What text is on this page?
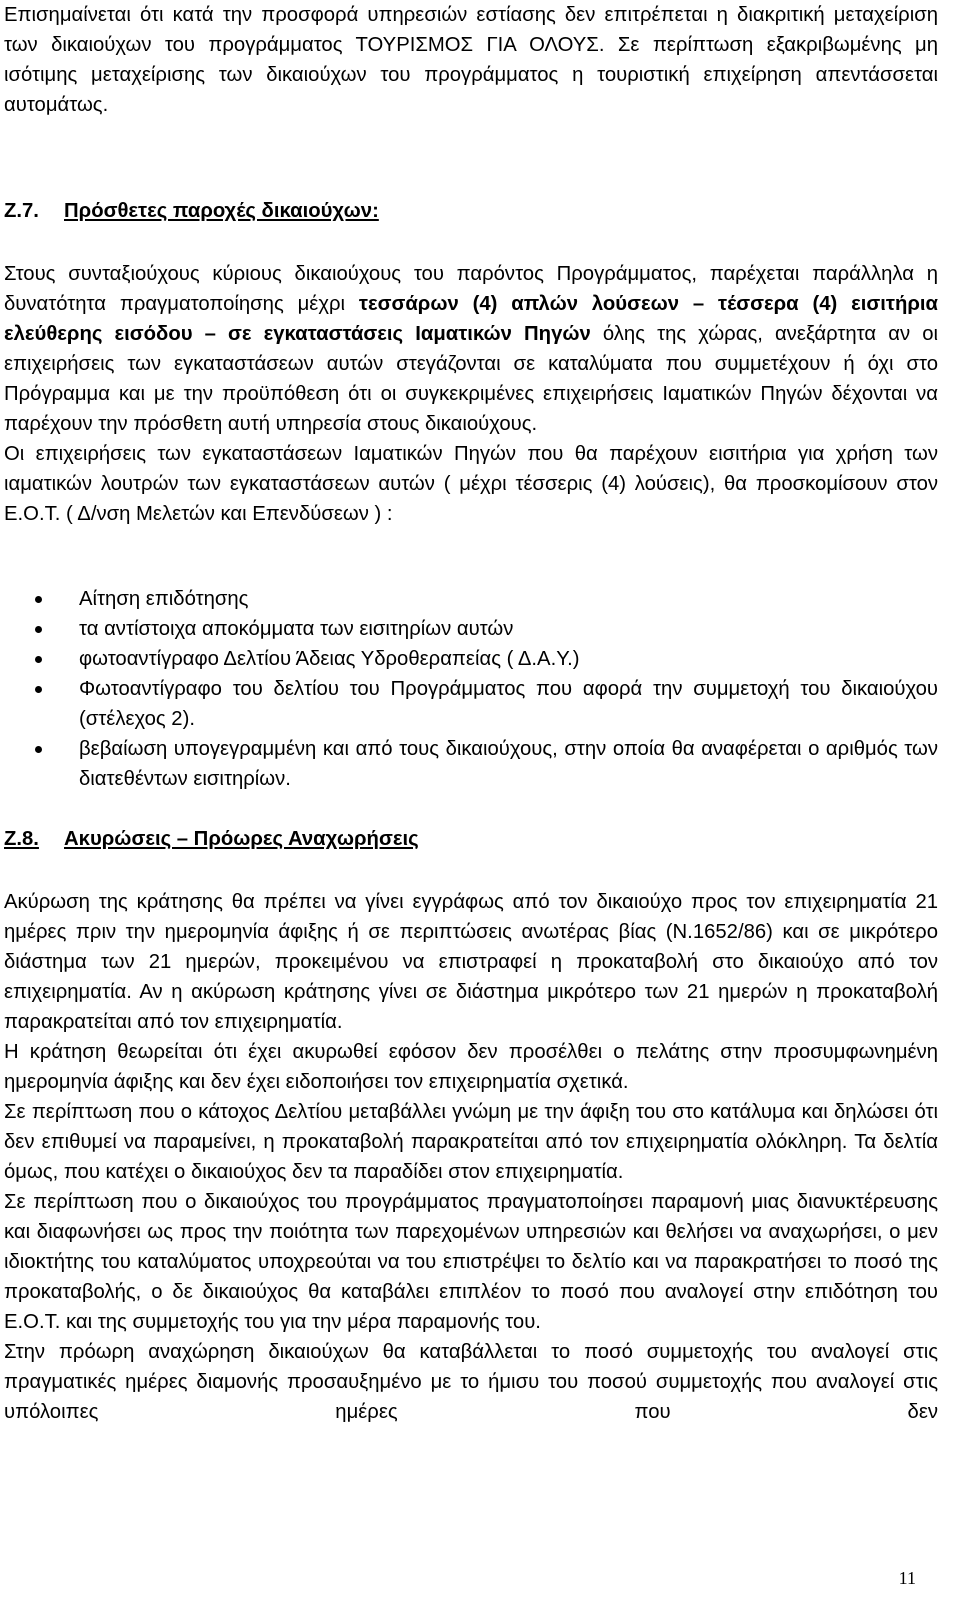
Επισημαίνεται ότι κατά την προσφορά υπηρεσιών εστίασης δεν επιτρέπεται η διακριτική μεταχείριση των δικαιούχων του προγράμματος ΤΟΥΡΙΣΜΟΣ ΓΙΑ ΟΛΟΥΣ. Σε περίπτωση εξακριβωμένης μη ισότιμης μεταχείρισης των δικαιούχων του προγράμματος η τουριστική επιχείρηση απεντάσσεται αυτομάτως.

Ζ.7. Πρόσθετες παροχές δικαιούχων:

Στους συνταξιούχους κύριους δικαιούχους του παρόντος Προγράμματος, παρέχεται παράλληλα η δυνατότητα πραγματοποίησης μέχρι τεσσάρων (4) απλών λούσεων – τέσσερα (4) εισιτήρια ελεύθερης εισόδου – σε εγκαταστάσεις Ιαματικών Πηγών όλης της χώρας, ανεξάρτητα αν οι επιχειρήσεις των εγκαταστάσεων αυτών στεγάζονται σε καταλύματα που συμμετέχουν ή όχι στο Πρόγραμμα και με την προϋπόθεση ότι οι συγκεκριμένες επιχειρήσεις Ιαματικών Πηγών δέχονται να παρέχουν την πρόσθετη αυτή υπηρεσία στους δικαιούχους.

Οι επιχειρήσεις των εγκαταστάσεων Ιαματικών Πηγών που θα παρέχουν εισιτήρια για χρήση των ιαματικών λουτρών των εγκαταστάσεων αυτών ( μέχρι τέσσερις (4) λούσεις), θα προσκομίσουν στον Ε.Ο.Τ. ( Δ/νση Μελετών και Επενδύσεων ) :

Αίτηση επιδότησης
τα αντίστοιχα αποκόμματα των εισιτηρίων αυτών
φωτοαντίγραφο Δελτίου Άδειας Υδροθεραπείας ( Δ.Α.Υ.)
Φωτοαντίγραφο του δελτίου του Προγράμματος που αφορά την συμμετοχή του δικαιούχου (στέλεχος 2).
βεβαίωση υπογεγραμμένη και από τους δικαιούχους, στην οποία θα αναφέρεται ο αριθμός των διατεθέντων εισιτηρίων.
Ζ.8. Ακυρώσεις – Πρόωρες Αναχωρήσεις

Ακύρωση της κράτησης θα πρέπει να γίνει εγγράφως από τον δικαιούχο προς τον επιχειρηματία 21 ημέρες πριν την ημερομηνία άφιξης ή σε περιπτώσεις ανωτέρας βίας (Ν.1652/86) και σε μικρότερο διάστημα των 21 ημερών, προκειμένου να επιστραφεί η προκαταβολή στο δικαιούχο από τον επιχειρηματία. Αν η ακύρωση κράτησης γίνει σε διάστημα μικρότερο των 21 ημερών η προκαταβολή παρακρατείται από τον επιχειρηματία.

Η κράτηση θεωρείται ότι έχει ακυρωθεί εφόσον δεν προσέλθει ο πελάτης στην προσυμφωνημένη ημερομηνία άφιξης και δεν έχει ειδοποιήσει τον επιχειρηματία σχετικά.

Σε περίπτωση που ο κάτοχος Δελτίου μεταβάλλει γνώμη με την άφιξη του στο κατάλυμα και δηλώσει ότι δεν επιθυμεί να παραμείνει, η προκαταβολή παρακρατείται από τον επιχειρηματία ολόκληρη. Τα δελτία όμως, που κατέχει ο δικαιούχος δεν τα παραδίδει στον επιχειρηματία.

Σε περίπτωση που ο δικαιούχος του προγράμματος πραγματοποίησει παραμονή μιας διανυκτέρευσης και διαφωνήσει ως προς την ποιότητα των παρεχομένων υπηρεσιών και θελήσει να αναχωρήσει, ο μεν ιδιοκτήτης του καταλύματος υποχρεούται να του επιστρέψει το δελτίο και να παρακρατήσει το ποσό της προκαταβολής, ο δε δικαιούχος θα καταβάλει επιπλέον το ποσό που αναλογεί στην επιδότηση του Ε.Ο.Τ. και της συμμετοχής του για την μέρα παραμονής του.

Στην πρόωρη αναχώρηση δικαιούχων θα καταβάλλεται το ποσό συμμετοχής του αναλογεί στις πραγματικές ημέρες διαμονής προσαυξημένο με το ήμισυ του ποσού συμμετοχής που αναλογεί στις υπόλοιπες ημέρες που δεν

11
